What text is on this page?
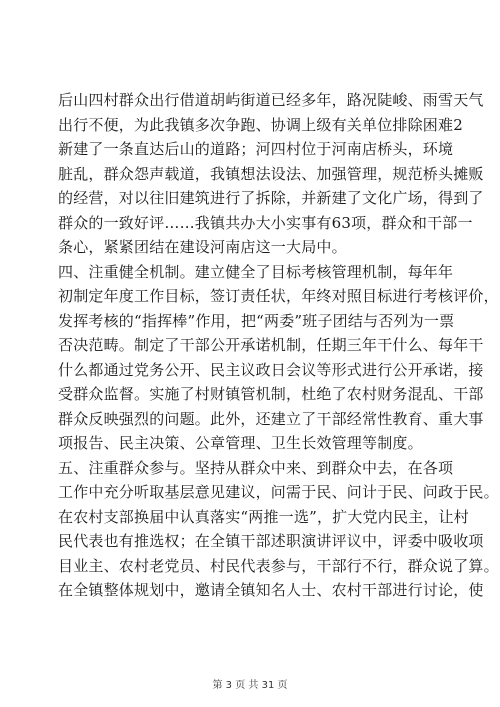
后山四村群众出行借道胡屿街道已经多年，路况陡峻、雨雪天气
出行不便，为此我镇多次争跑、协调上级有关单位排除困难2
新建了一条直达后山的道路；河四村位于河南店桥头，环境
脏乱，群众怨声载道，我镇想法设法、加强管理，规范桥头摊贩
的经营，对以往旧建筑进行了拆除，并新建了文化广场，得到了
群众的一致好评……我镇共办大小实事有63项，群众和干部一
条心，紧紧团结在建设河南店这一大局中。
四、注重健全机制。建立健全了目标考核管理机制，每年年
初制定年度工作目标，签订责任状，年终对照目标进行考核评价，
发挥考核的“指挥棒”作用，把“两委”班子团结与否列为一票
否决范畴。制定了干部公开承诺机制，任期三年干什么、每年干
什么都通过党务公开、民主议政日会议等形式进行公开承诺，接
受群众监督。实施了村财镇管机制，杜绝了农村财务混乱、干部
群众反映强烈的问题。此外，还建立了干部经常性教育、重大事
项报告、民主决策、公章管理、卫生长效管理等制度。
五、注重群众参与。坚持从群众中来、到群众中去，在各项
工作中充分听取基层意见建议，问需于民、问计于民、问政于民。
在农村支部换届中认真落实“两推一选”，扩大党内民主，让村
民代表也有推选权；在全镇干部述职演讲评议中，评委中吸收项
目业主、农村老党员、村民代表参与，干部行不行，群众说了算。
在全镇整体规划中，邀请全镇知名人士、农村干部进行讨论，使
第 3 页 共 31 页
